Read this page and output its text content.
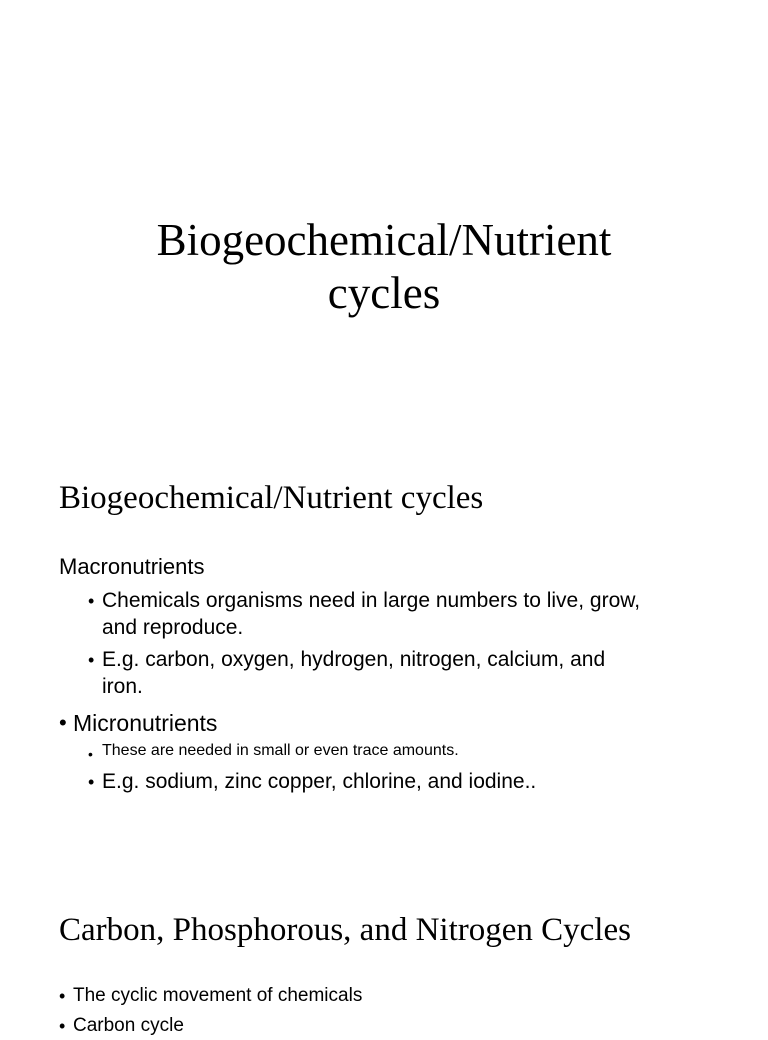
Biogeochemical/Nutrient
cycles
Biogeochemical/Nutrient cycles
Macronutrients
• Chemicals organisms need in large numbers to live, grow,
and reproduce.
• E.g. carbon, oxygen, hydrogen, nitrogen, calcium, and
iron.
• Micronutrients
• These are needed in small or even trace amounts.
• E.g. sodium, zinc copper, chlorine, and iodine..
Carbon, Phosphorous, and Nitrogen Cycles
• The cyclic movement of chemicals
• Carbon cycle
